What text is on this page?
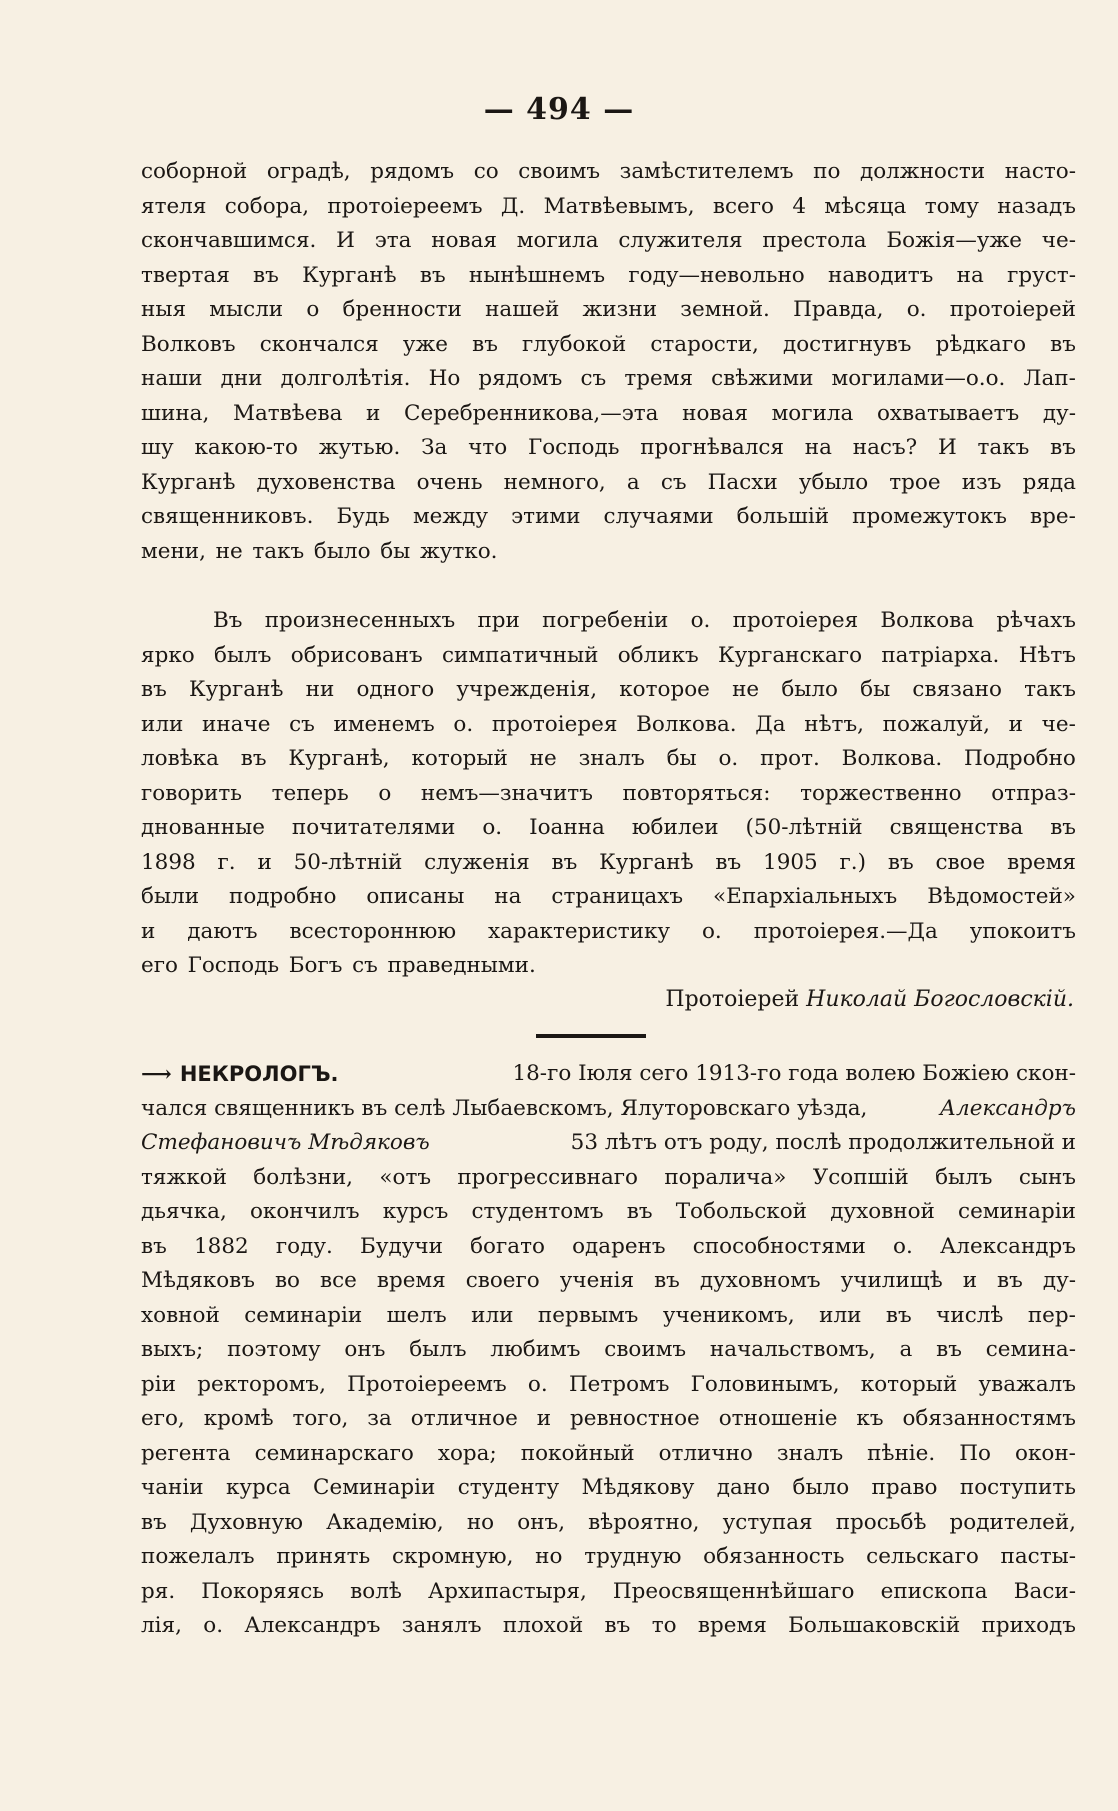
— 494 —
соборной оградѣ, рядомъ со своимъ замѣстителемъ по должности насто-
ятеля собора, протоіереемъ Д. Матвѣевымъ, всего 4 мѣсяца тому назадъ
скончавшимся. И эта новая могила служителя престола Божія—уже че-
твертая въ Курганѣ въ нынѣшнемъ году—невольно наводитъ на груст-
ныя мысли о бренности нашей жизни земной. Правда, о. протоіерей
Волковъ скончался уже въ глубокой старости, достигнувъ рѣдкаго въ
наши дни долголѣтія. Но рядомъ съ тремя свѣжими могилами—о.о. Лап-
шина, Матвѣева и Серебренникова,—эта новая могила охватываетъ ду-
шу какою-то жутью. За что Господь прогнѣвался на насъ? И такъ въ
Курганѣ духовенства очень немного, а съ Пасхи убыло трое изъ ряда
священниковъ. Будь между этими случаями большій промежутокъ вре-
мени, не такъ было бы жутко.
Въ произнесенныхъ при погребеніи о. протоіерея Волкова рѣчахъ
ярко былъ обрисованъ симпатичный обликъ Курганскаго патріарха. Нѣтъ
въ Курганѣ ни одного учрежденія, которое не было бы связано такъ
или иначе съ именемъ о. протоіерея Волкова. Да нѣтъ, пожалуй, и че-
ловѣка въ Курганѣ, который не зналъ бы о. прот. Волкова. Подробно
говорить теперь о немъ—значитъ повторяться: торжественно отпраз-
днованные почитателями о. Іоанна юбилеи (50-лѣтній священства въ
1898 г. и 50-лѣтній служенія въ Курганѣ въ 1905 г.) въ свое время
были подробно описаны на страницахъ «Епархіальныхъ Вѣдомостей»
и даютъ всестороннюю характеристику о. протоіерея.—Да упокоитъ
его Господь Богъ съ праведными.
Протоіерей Николай Богословскій.
⟶ НЕКРОЛОГЪ.	18-го Іюля сего 1913-го года волею Божіею скон-
чался священникъ въ селѣ Лыбаевскомъ, Ялуторовскаго уѣзда,	Александръ
Стефановичъ Мѣдяковъ	53 лѣтъ отъ роду, послѣ продолжительной и
тяжкой болѣзни, «отъ прогрессивнаго поралича» Усопшій былъ сынъ
дьячка, окончилъ курсъ студентомъ въ Тобольской духовной семинаріи
въ 1882 году. Будучи богато одаренъ способностями о. Александръ
Мѣдяковъ во все время своего ученія въ духовномъ училищѣ и въ ду-
ховной семинаріи шелъ или первымъ ученикомъ, или въ числѣ пер-
выхъ; поэтому онъ былъ любимъ своимъ начальствомъ, а въ семина-
ріи ректоромъ, Протоіереемъ о. Петромъ Головинымъ, который уважалъ
его, кромѣ того, за отличное и ревностное отношеніе къ обязанностямъ
регента семинарскаго хора; покойный отлично зналъ пѣніе. По окон-
чаніи курса Семинаріи студенту Мѣдякову дано было право поступить
въ Духовную Академію, но онъ, вѣроятно, уступая просьбѣ родителей,
пожелалъ принять скромную, но трудную обязанность сельскаго пасты-
ря. Покоряясь волѣ Архипастыря, Преосвященнѣйшаго епископа Васи-
лія, о. Александръ занялъ плохой въ то время Большаковскій приходъ
